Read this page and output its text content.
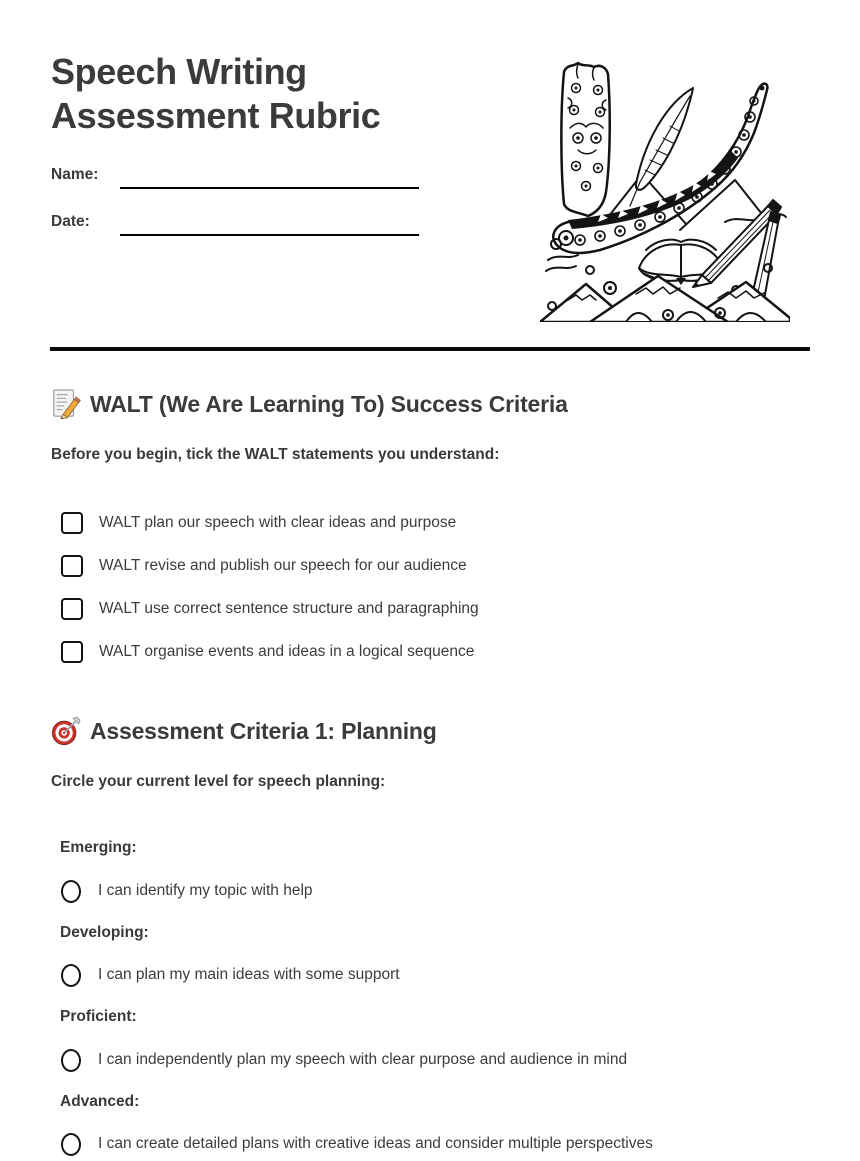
Speech Writing
Assessment Rubric
Name:
Date:
WALT (We Are Learning To) Success Criteria
Before you begin, tick the WALT statements you understand:
WALT plan our speech with clear ideas and purpose
WALT revise and publish our speech for our audience
WALT use correct sentence structure and paragraphing
WALT organise events and ideas in a logical sequence
Assessment Criteria 1: Planning
Circle your current level for speech planning:
Emerging:
I can identify my topic with help
Developing:
I can plan my main ideas with some support
Proficient:
I can independently plan my speech with clear purpose and audience in mind
Advanced:
I can create detailed plans with creative ideas and consider multiple perspectives
